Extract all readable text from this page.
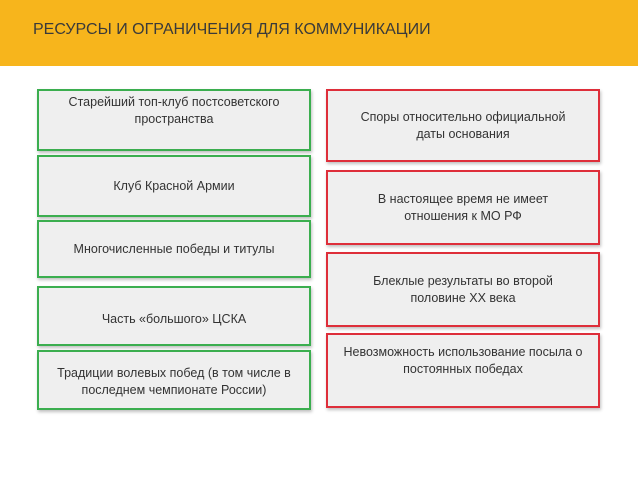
РЕСУРСЫ И ОГРАНИЧЕНИЯ ДЛЯ КОММУНИКАЦИИ
Старейший топ-клуб постсоветского пространства
Клуб Красной Армии
Многочисленные победы и титулы
Часть «большого» ЦСКА
Традиции волевых побед (в том числе в последнем чемпионате России)
Споры относительно официальной даты основания
В настоящее время не имеет отношения к МО РФ
Блеклые результаты во второй половине XX века
Невозможность использование посыла о постоянных победах
